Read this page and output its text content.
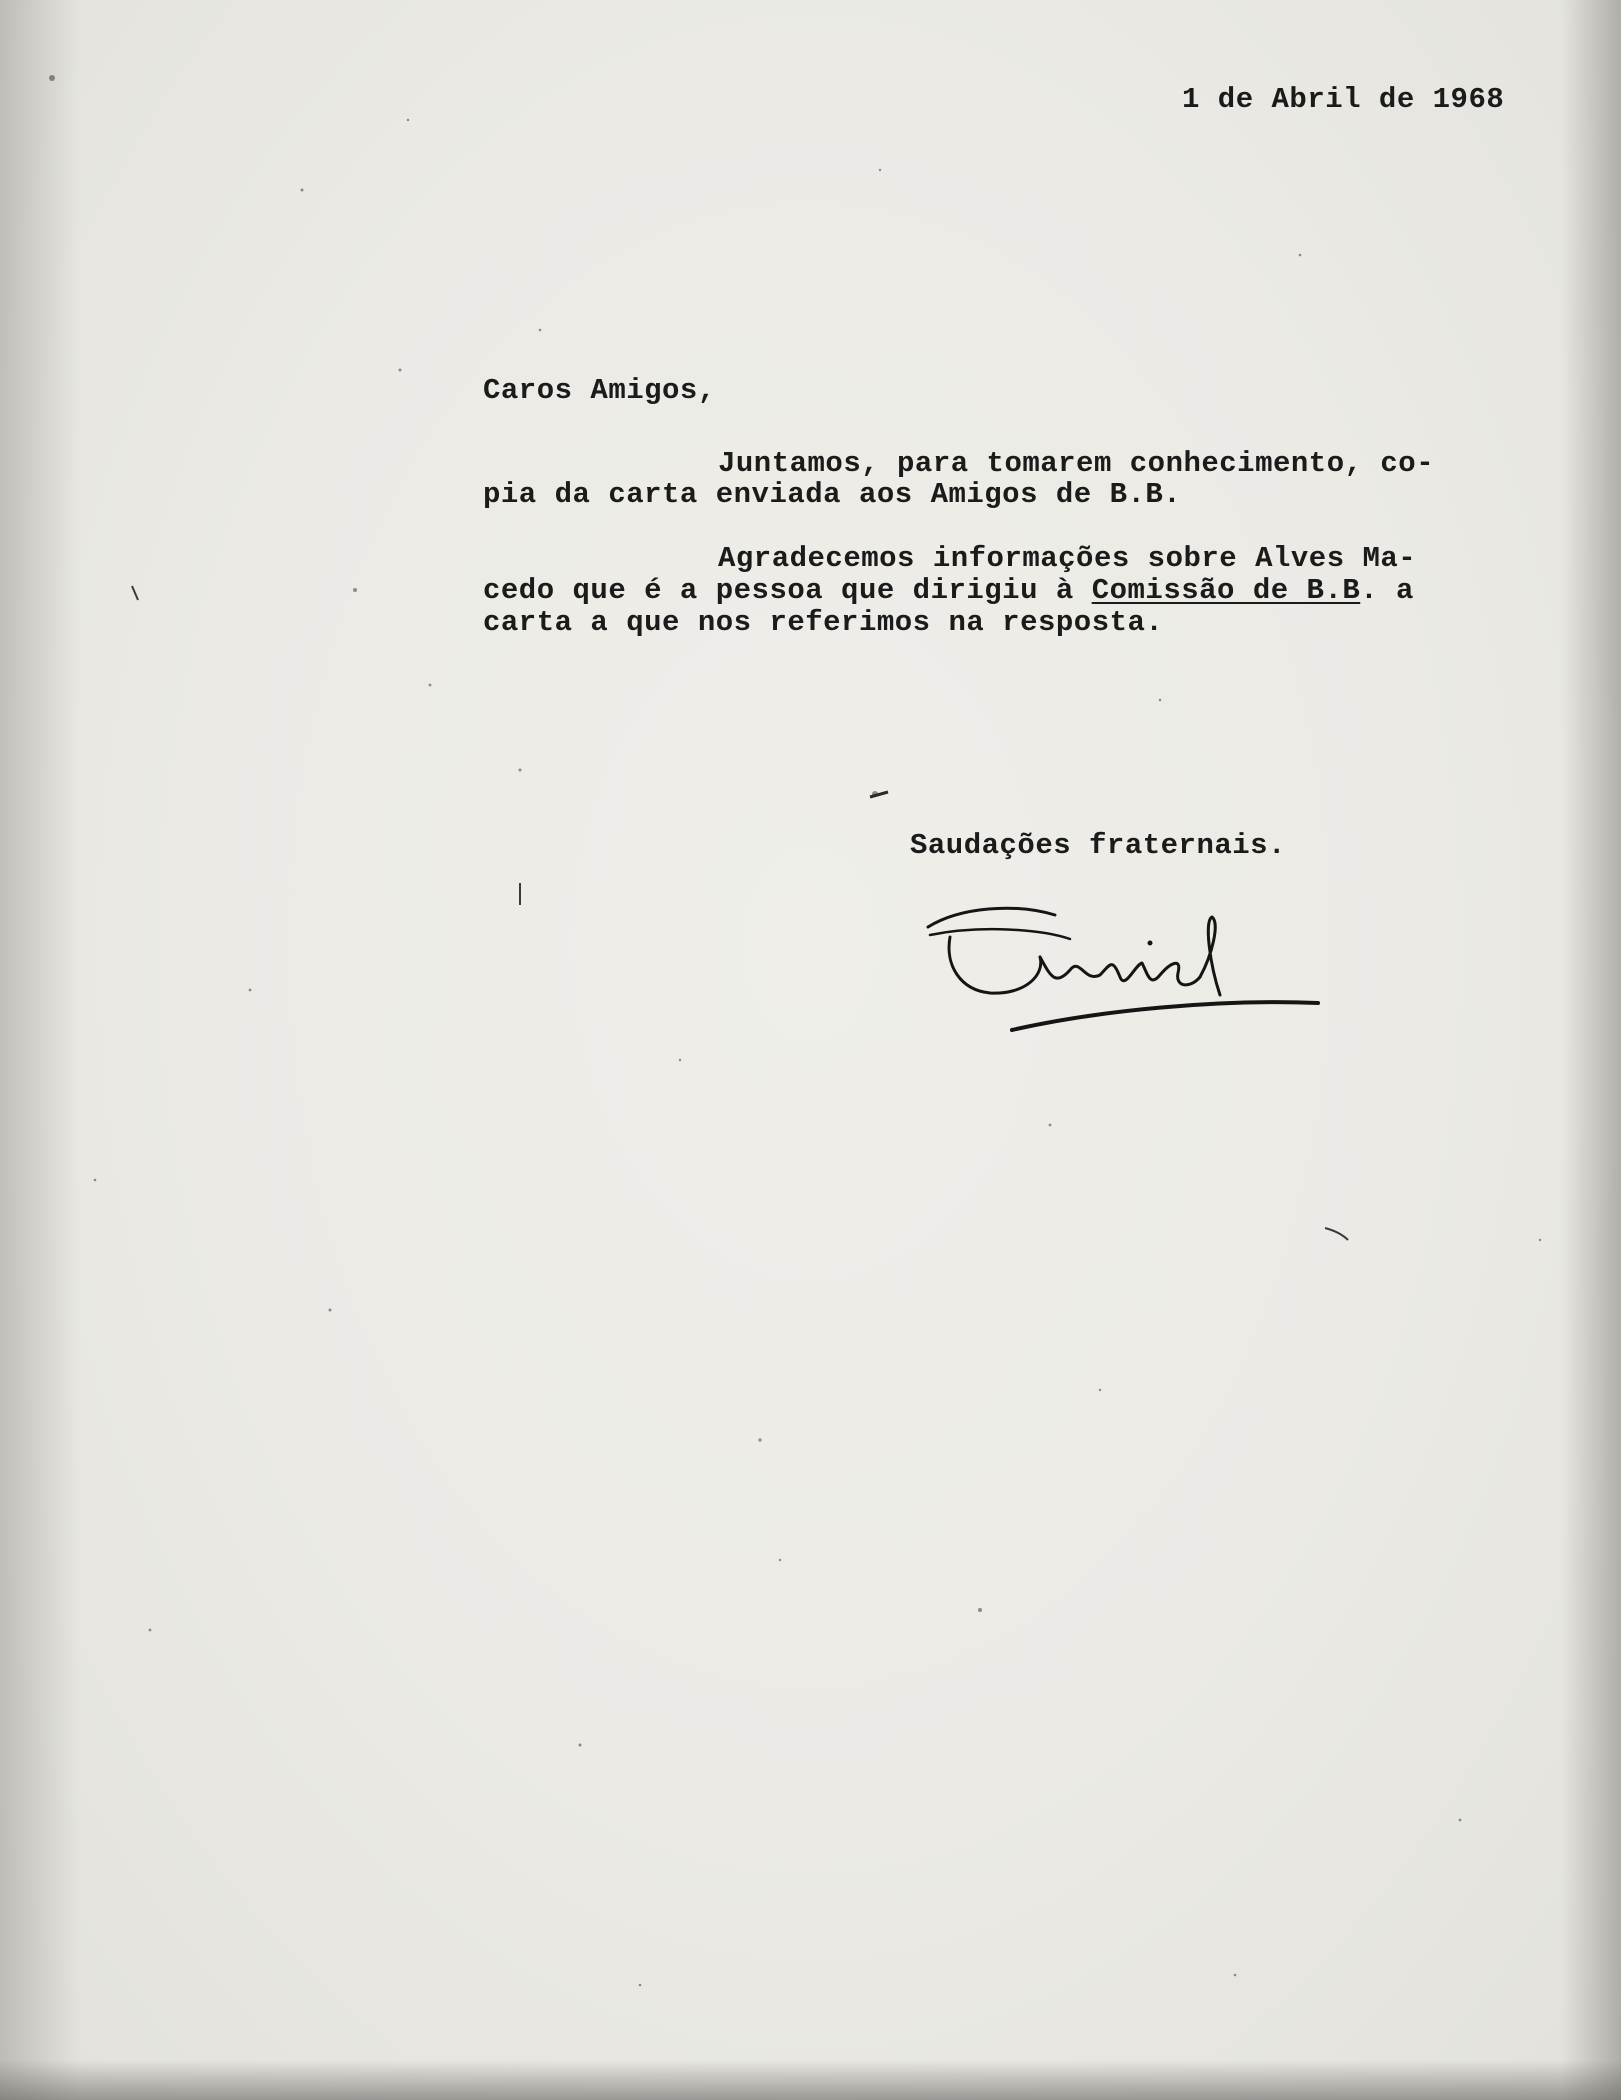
1 de Abril de 1968
Caros Amigos,
Juntamos, para tomarem conhecimento, co-
pia da carta enviada aos Amigos de B.B.
Agradecemos informações sobre Alves Ma-
cedo que é a pessoa que dirigiu à Comissão de B.B. a
carta a que nos referimos na resposta.
Saudações fraternais.
